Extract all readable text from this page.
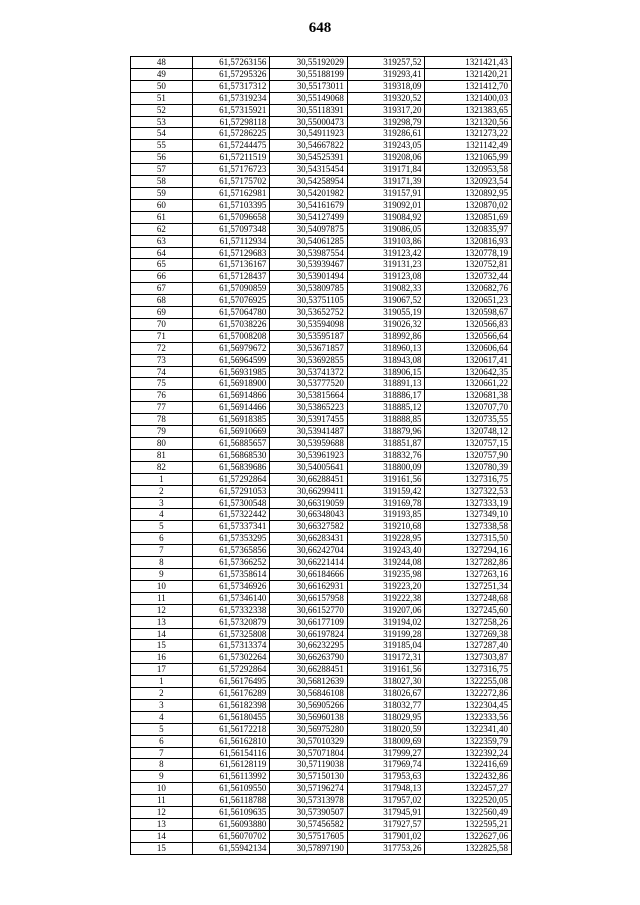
648
48	61,57263156	30,55192029	319257,52	1321421,43
49	61,57295326	30,55188199	319293,41	1321420,21
50	61,57317312	30,55173011	319318,09	1321412,70
51	61,57319234	30,55149068	319320,52	1321400,03
52	61,57315921	30,55118391	319317,20	1321383,65
53	61,57298118	30,55000473	319298,79	1321320,56
54	61,57286225	30,54911923	319286,61	1321273,22
55	61,57244475	30,54667822	319243,05	1321142,49
56	61,57211519	30,54525391	319208,06	1321065,99
57	61,57176723	30,54315454	319171,84	1320953,58
58	61,57175702	30,54258954	319171,39	1320923,54
59	61,57162981	30,54201982	319157,91	1320892,95
60	61,57103395	30,54161679	319092,01	1320870,02
61	61,57096658	30,54127499	319084,92	1320851,69
62	61,57097348	30,54097875	319086,05	1320835,97
63	61,57112934	30,54061285	319103,86	1320816,93
64	61,57129683	30,53987554	319123,42	1320778,19
65	61,57136167	30,53939467	319131,23	1320752,81
66	61,57128437	30,53901494	319123,08	1320732,44
67	61,57090859	30,53809785	319082,33	1320682,76
68	61,57076925	30,53751105	319067,52	1320651,23
69	61,57064780	30,53652752	319055,19	1320598,67
70	61,57038226	30,53594098	319026,32	1320566,83
71	61,57008208	30,53595187	318992,86	1320566,64
72	61,56979672	30,53671857	318960,13	1320606,64
73	61,56964599	30,53692855	318943,08	1320617,41
74	61,56931985	30,53741372	318906,15	1320642,35
75	61,56918900	30,53777520	318891,13	1320661,22
76	61,56914866	30,53815664	318886,17	1320681,38
77	61,56914466	30,53865223	318885,12	1320707,70
78	61,56918385	30,53917455	318888,85	1320735,55
79	61,56910669	30,53941487	318879,96	1320748,12
80	61,56885657	30,53959688	318851,87	1320757,15
81	61,56868530	30,53961923	318832,76	1320757,90
82	61,56839686	30,54005641	318800,09	1320780,39
1	61,57292864	30,66288451	319161,56	1327316,75
2	61,57291053	30,66299411	319159,42	1327322,53
3	61,57300548	30,66319059	319169,78	1327333,19
4	61,57322442	30,66348043	319193,85	1327349,10
5	61,57337341	30,66327582	319210,68	1327338,58
6	61,57353295	30,66283431	319228,95	1327315,50
7	61,57365856	30,66242704	319243,40	1327294,16
8	61,57366252	30,66221414	319244,08	1327282,86
9	61,57358614	30,66184666	319235,98	1327263,16
10	61,57346926	30,66162931	319223,20	1327251,34
11	61,57346140	30,66157958	319222,38	1327248,68
12	61,57332338	30,66152770	319207,06	1327245,60
13	61,57320879	30,66177109	319194,02	1327258,26
14	61,57325808	30,66197824	319199,28	1327269,38
15	61,57313374	30,66232295	319185,04	1327287,40
16	61,57302264	30,66263790	319172,31	1327303,87
17	61,57292864	30,66288451	319161,56	1327316,75
1	61,56176495	30,56812639	318027,30	1322255,08
2	61,56176289	30,56846108	318026,67	1322272,86
3	61,56182398	30,56905266	318032,77	1322304,45
4	61,56180455	30,56960138	318029,95	1322333,56
5	61,56172218	30,56975280	318020,59	1322341,40
6	61,56162810	30,57010329	318009,69	1322359,79
7	61,56154116	30,57071804	317999,27	1322392,24
8	61,56128119	30,57119038	317969,74	1322416,69
9	61,56113992	30,57150130	317953,63	1322432,86
10	61,56109550	30,57196274	317948,13	1322457,27
11	61,56118788	30,57313978	317957,02	1322520,05
12	61,56109635	30,57390507	317945,91	1322560,49
13	61,56093880	30,57456582	317927,57	1322595,21
14	61,56070702	30,57517605	317901,02	1322627,06
15	61,55942134	30,57897190	317753,26	1322825,58
